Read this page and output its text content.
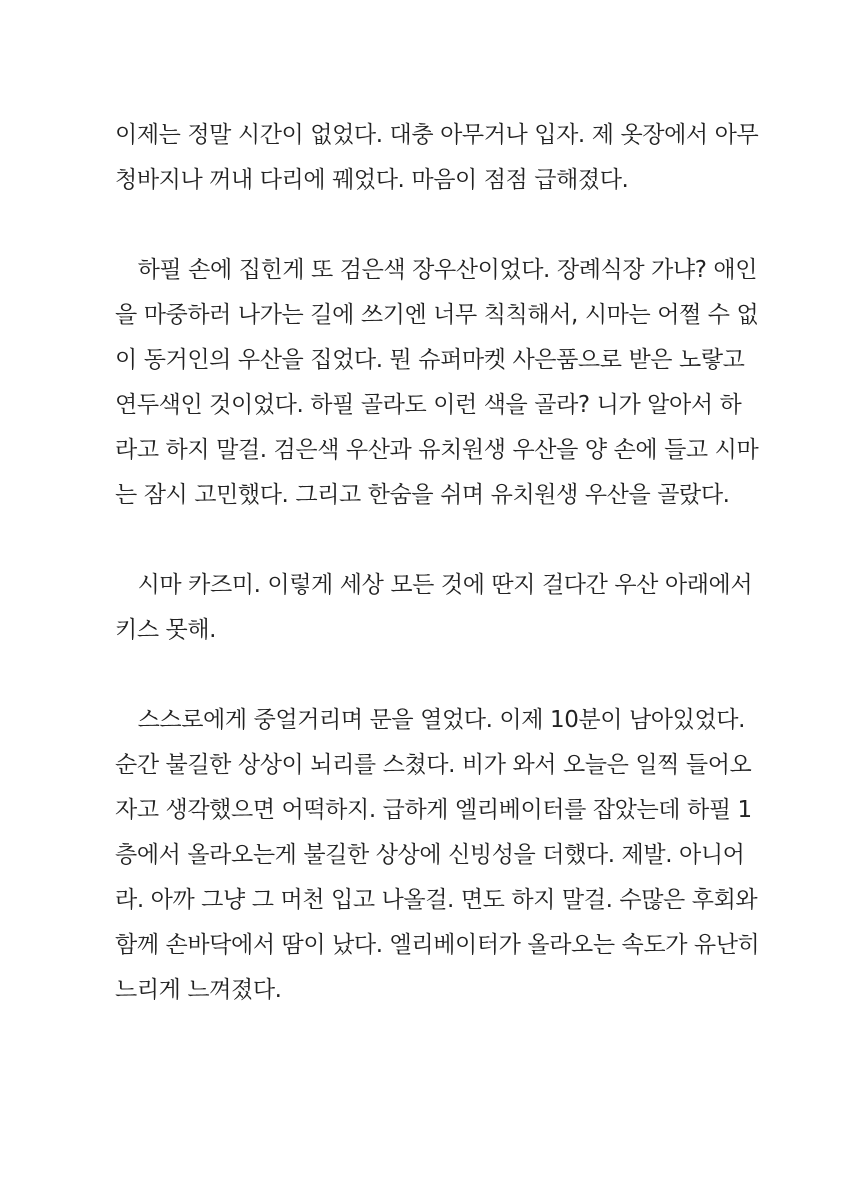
이제는 정말 시간이 없었다. 대충 아무거나 입자. 제 옷장에서 아무
청바지나 꺼내 다리에 꿰었다. 마음이 점점 급해졌다.

　하필 손에 집힌게 또 검은색 장우산이었다. 장례식장 가냐? 애인
을 마중하러 나가는 길에 쓰기엔 너무 칙칙해서, 시마는 어쩔 수 없
이 동거인의 우산을 집었다. 뭔 슈퍼마켓 사은품으로 받은 노랗고
연두색인 것이었다. 하필 골라도 이런 색을 골라? 니가 알아서 하
라고 하지 말걸. 검은색 우산과 유치원생 우산을 양 손에 들고 시마
는 잠시 고민했다. 그리고 한숨을 쉬며 유치원생 우산을 골랐다.

　시마 카즈미. 이렇게 세상 모든 것에 딴지 걸다간 우산 아래에서
키스 못해.

　스스로에게 중얼거리며 문을 열었다. 이제 10분이 남아있었다.
순간 불길한 상상이 뇌리를 스쳤다. 비가 와서 오늘은 일찍 들어오
자고 생각했으면 어떡하지. 급하게 엘리베이터를 잡았는데 하필 1
층에서 올라오는게 불길한 상상에 신빙성을 더했다. 제발. 아니어
라. 아까 그냥 그 머천 입고 나올걸. 면도 하지 말걸. 수많은 후회와
함께 손바닥에서 땀이 났다. 엘리베이터가 올라오는 속도가 유난히
느리게 느껴졌다.
